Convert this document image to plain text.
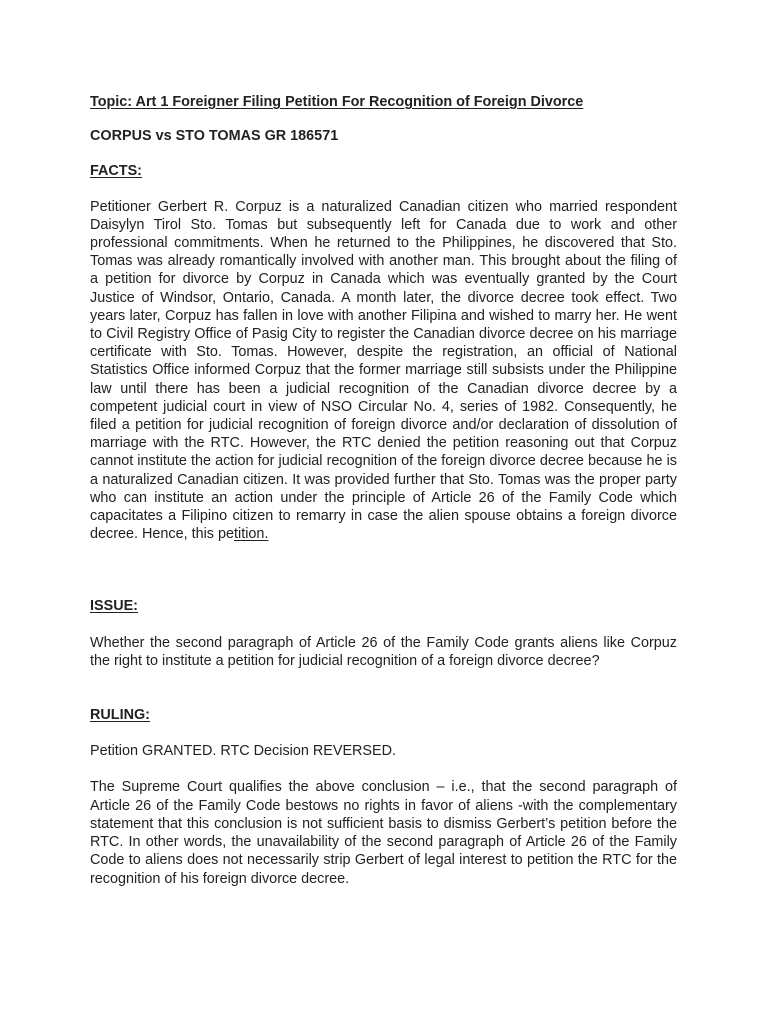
Topic: Art 1 Foreigner Filing Petition For Recognition of Foreign Divorce

CORPUS vs STO TOMAS GR 186571

FACTS:

Petitioner Gerbert R. Corpuz is a naturalized Canadian citizen who married respondent Daisylyn Tirol Sto. Tomas but subsequently left for Canada due to work and other professional commitments. When he returned to the Philippines, he discovered that Sto. Tomas was already romantically involved with another man. This brought about the filing of a petition for divorce by Corpuz in Canada which was eventually granted by the Court Justice of Windsor, Ontario, Canada. A month later, the divorce decree took effect. Two years later, Corpuz has fallen in love with another Filipina and wished to marry her. He went to Civil Registry Office of Pasig City to register the Canadian divorce decree on his marriage certificate with Sto. Tomas. However, despite the registration, an official of National Statistics Office informed Corpuz that the former marriage still subsists under the Philippine law until there has been a judicial recognition of the Canadian divorce decree by a competent judicial court in view of NSO Circular No. 4, series of 1982. Consequently, he filed a petition for judicial recognition of foreign divorce and/or declaration of dissolution of marriage with the RTC. However, the RTC denied the petition reasoning out that Corpuz cannot institute the action for judicial recognition of the foreign divorce decree because he is a naturalized Canadian citizen. It was provided further that Sto. Tomas was the proper party who can institute an action under the principle of Article 26 of the Family Code which capacitates a Filipino citizen to remarry in case the alien spouse obtains a foreign divorce decree. Hence, this petition.

ISSUE:

Whether the second paragraph of Article 26 of the Family Code grants aliens like Corpuz the right to institute a petition for judicial recognition of a foreign divorce decree?

RULING:

Petition GRANTED. RTC Decision REVERSED.

The Supreme Court qualifies the above conclusion – i.e., that the second paragraph of Article 26 of the Family Code bestows no rights in favor of aliens -with the complementary statement that this conclusion is not sufficient basis to dismiss Gerbert’s petition before the RTC. In other words, the unavailability of the second paragraph of Article 26 of the Family Code to aliens does not necessarily strip Gerbert of legal interest to petition the RTC for the recognition of his foreign divorce decree.
